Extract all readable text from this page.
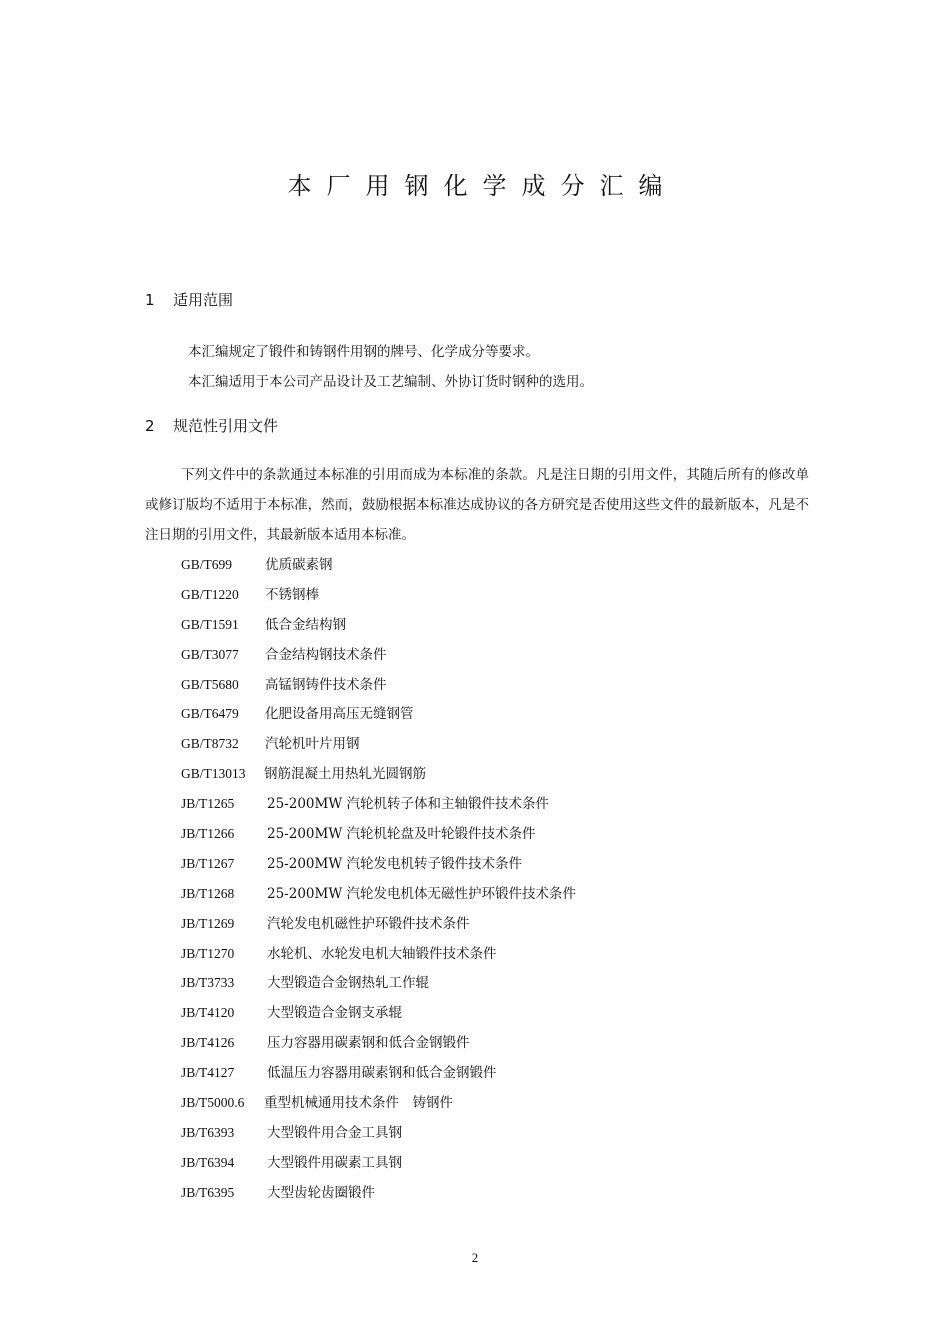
本厂用钢化学成分汇编
1 适用范围
本汇编规定了锻件和铸钢件用钢的牌号、化学成分等要求。
本汇编适用于本公司产品设计及工艺编制、外协订货时钢种的选用。
2 规范性引用文件
下列文件中的条款通过本标准的引用而成为本标准的条款。凡是注日期的引用文件，其随后所有的修改单或修订版均不适用于本标准，然而，鼓励根据本标准达成协议的各方研究是否使用这些文件的最新版本，凡是不注日期的引用文件，其最新版本适用本标准。
GB/T699 优质碳素钢
GB/T1220 不锈钢棒
GB/T1591 低合金结构钢
GB/T3077 合金结构钢技术条件
GB/T5680 高锰钢铸件技术条件
GB/T6479 化肥设备用高压无缝钢管
GB/T8732 汽轮机叶片用钢
GB/T13013 钢筋混凝土用热轧光圆钢筋
JB/T1265 25-200MW 汽轮机转子体和主轴锻件技术条件
JB/T1266 25-200MW 汽轮机轮盘及叶轮锻件技术条件
JB/T1267 25-200MW 汽轮发电机转子锻件技术条件
JB/T1268 25-200MW 汽轮发电机体无磁性护环锻件技术条件
JB/T1269 汽轮发电机磁性护环锻件技术条件
JB/T1270 水轮机、水轮发电机大轴锻件技术条件
JB/T3733 大型锻造合金钢热轧工作辊
JB/T4120 大型锻造合金钢支承辊
JB/T4126 压力容器用碳素钢和低合金钢锻件
JB/T4127 低温压力容器用碳素钢和低合金钢锻件
JB/T5000.6 重型机械通用技术条件　铸钢件
JB/T6393 大型锻件用合金工具钢
JB/T6394 大型锻件用碳素工具钢
JB/T6395 大型齿轮齿圈锻件
2
